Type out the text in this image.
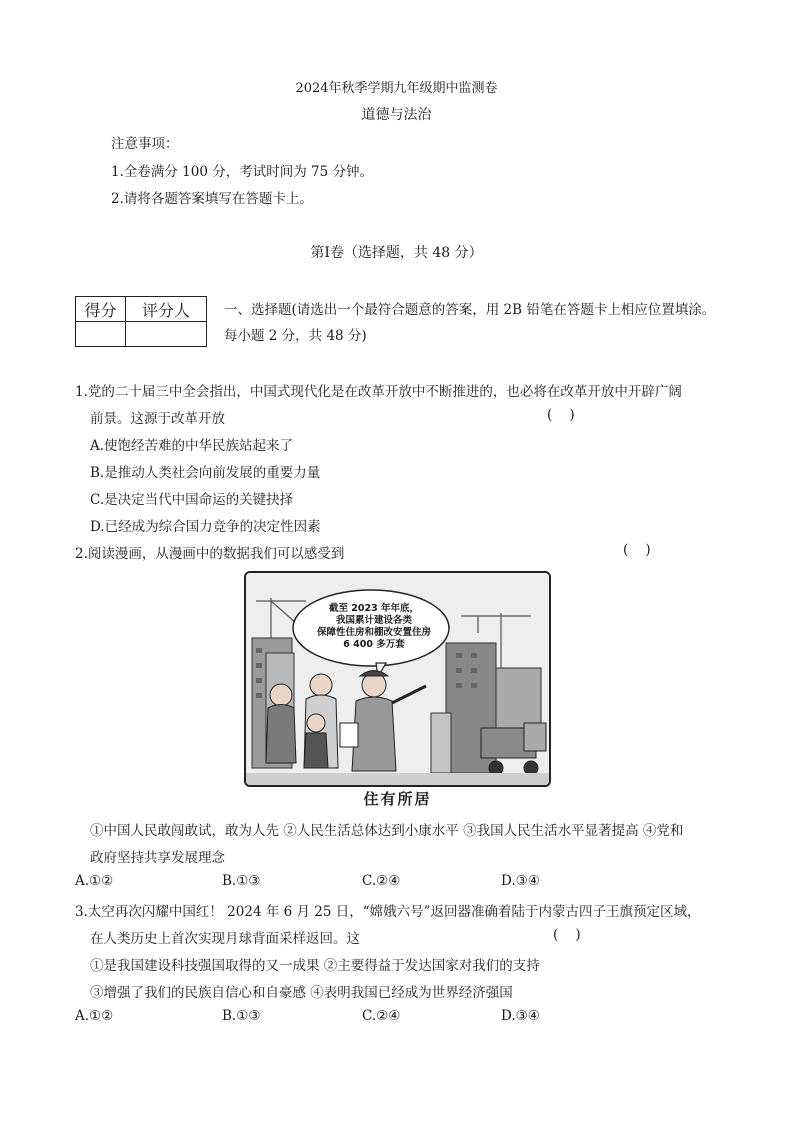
2024年秋季学期九年级期中监测卷
道德与法治
注意事项：
1.全卷满分 100 分，考试时间为 75 分钟。
2.请将各题答案填写在答题卡上。
第Ⅰ卷（选择题，共 48 分）
得分	评分人
		一、选择题(请选出一个最符合题意的答案，用 2B 铅笔在答题卡上相应位置填涂。
每小题 2 分，共 48 分)
1.党的二十届三中全会指出，中国式现代化是在改革开放中不断推进的，也必将在改革开放中开辟广阔
前景。这源于改革开放	(    )
A.使饱经苦难的中华民族站起来了
B.是推动人类社会向前发展的重要力量
C.是决定当代中国命运的关键抉择
D.已经成为综合国力竞争的决定性因素
2.阅读漫画，从漫画中的数据我们可以感受到	(    )
截至 2023 年年底，
我国累计建设各类
保障性住房和棚改安置住房
6 400 多万套
住有所居
①中国人民敢闯敢试，敢为人先 ②人民生活总体达到小康水平 ③我国人民生活水平显著提高 ④党和
政府坚持共享发展理念
A.①②	B.①③	C.②④	D.③④
3.太空再次闪耀中国红！ 2024 年 6 月 25 日，“嫦娥六号”返回器准确着陆于内蒙古四子王旗预定区域，
在人类历史上首次实现月球背面采样返回。这	(    )
①是我国建设科技强国取得的又一成果 ②主要得益于发达国家对我们的支持
③增强了我们的民族自信心和自豪感 ④表明我国已经成为世界经济强国
A.①②	B.①③	C.②④	D.③④
